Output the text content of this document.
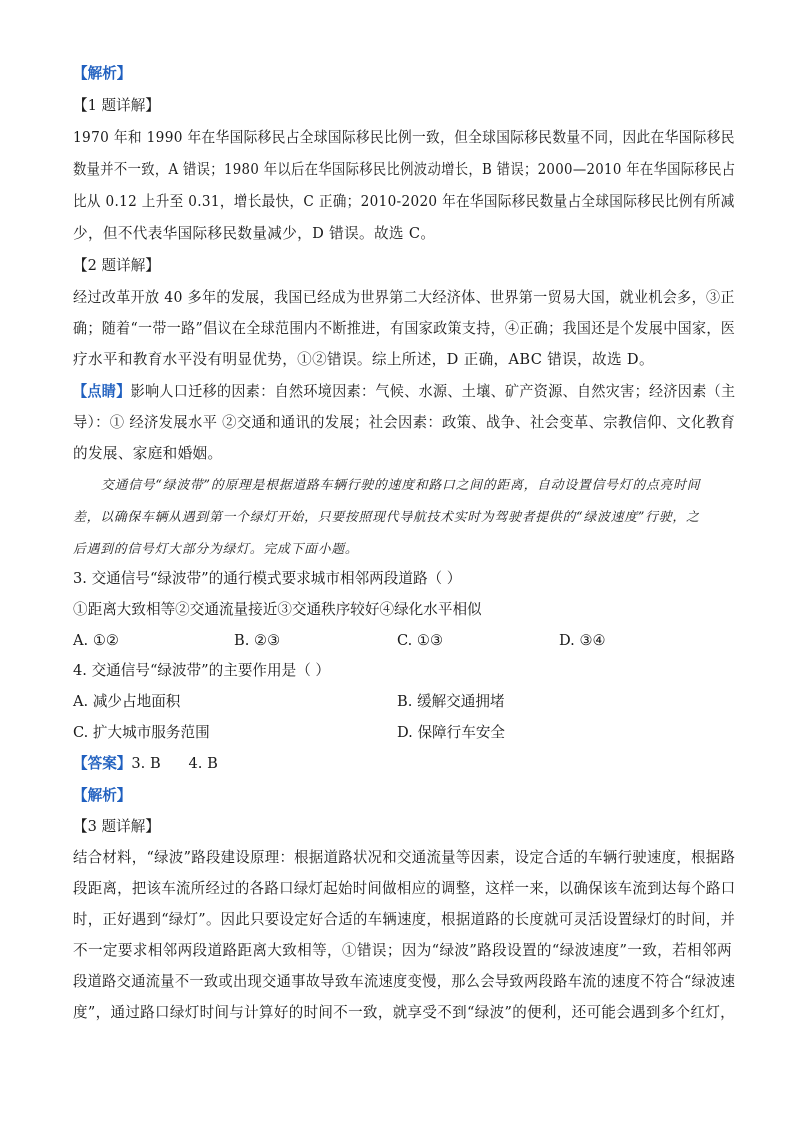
【解析】
【1 题详解】
1970 年和 1990 年在华国际移民占全球国际移民比例一致，但全球国际移民数量不同，因此在华国际移民
数量并不一致，A 错误；1980 年以后在华国际移民比例波动增长，B 错误；2000—2010 年在华国际移民占
比从 0.12 上升至 0.31，增长最快，C 正确；2010-2020 年在华国际移民数量占全球国际移民比例有所减
少，但不代表华国际移民数量减少，D 错误。故选 C。
【2 题详解】
经过改革开放 40 多年的发展，我国已经成为世界第二大经济体、世界第一贸易大国，就业机会多，③正
确；随着“一带一路”倡议在全球范围内不断推进，有国家政策支持，④正确；我国还是个发展中国家，医
疗水平和教育水平没有明显优势，①②错误。综上所述，D 正确，ABC 错误，故选 D。
【点睛】影响人口迁移的因素：自然环境因素：气候、水源、土壤、矿产资源、自然灾害；经济因素（主
导）：① 经济发展水平 ②交通和通讯的发展；社会因素：政策、战争、社会变革、宗教信仰、文化教育
的发展、家庭和婚姻。
交通信号“绿波带”的原理是根据道路车辆行驶的速度和路口之间的距离，自动设置信号灯的点亮时间
差，以确保车辆从遇到第一个绿灯开始，只要按照现代导航技术实时为驾驶者提供的“绿波速度”行驶，之
后遇到的信号灯大部分为绿灯。完成下面小题。
3. 交通信号“绿波带”的通行模式要求城市相邻两段道路（ ）
①距离大致相等②交通流量接近③交通秩序较好④绿化水平相似
A. ①②	B. ②③	C. ①③	D. ③④
4. 交通信号“绿波带”的主要作用是（ ）
A. 减少占地面积	B. 缓解交通拥堵
C. 扩大城市服务范围	D. 保障行车安全
【答案】3. B      4. B
【解析】
【3 题详解】
结合材料，“绿波”路段建设原理：根据道路状况和交通流量等因素，设定合适的车辆行驶速度，根据路
段距离，把该车流所经过的各路口绿灯起始时间做相应的调整，这样一来，以确保该车流到达每个路口
时，正好遇到“绿灯”。因此只要设定好合适的车辆速度，根据道路的长度就可灵活设置绿灯的时间，并
不一定要求相邻两段道路距离大致相等，①错误；因为“绿波”路段设置的“绿波速度”一致，若相邻两
段道路交通流量不一致或出现交通事故导致车流速度变慢，那么会导致两段路车流的速度不符合“绿波速
度”，通过路口绿灯时间与计算好的时间不一致，就享受不到“绿波”的便利，还可能会遇到多个红灯，
